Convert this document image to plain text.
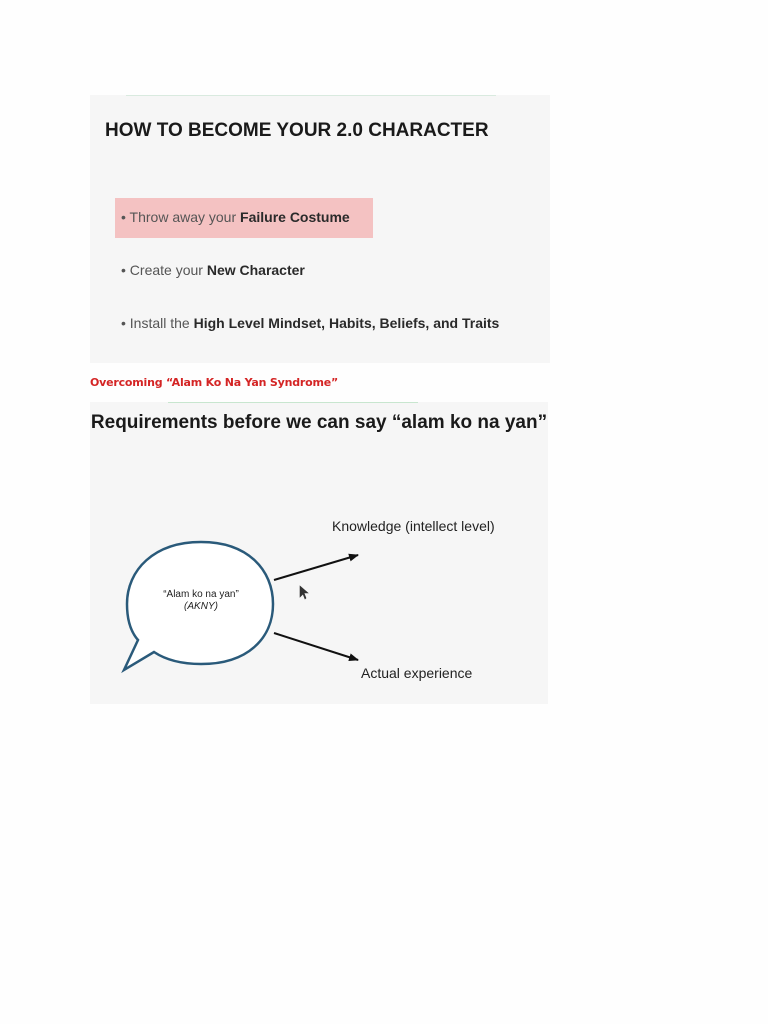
HOW TO BECOME YOUR 2.0 CHARACTER
• Throw away your Failure Costume
• Create your New Character
• Install the High Level Mindset, Habits, Beliefs, and Traits
Overcoming “Alam Ko Na Yan Syndrome”
Requirements before we can say “alam ko na yan”
“Alam ko na yan”
(AKNY)
Knowledge (intellect level)
Actual experience
